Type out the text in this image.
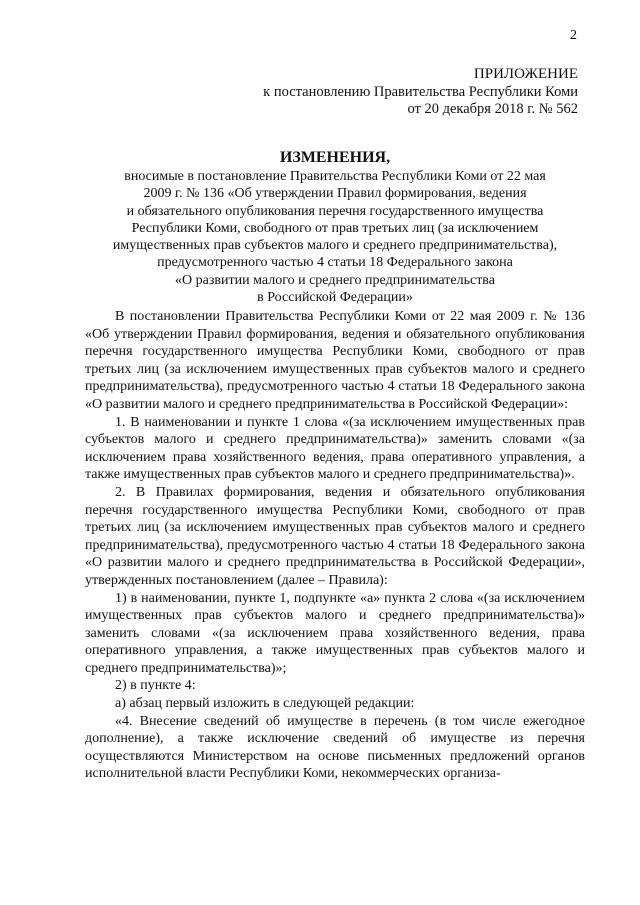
2
ПРИЛОЖЕНИЕ
к постановлению Правительства Республики Коми
от 20 декабря 2018 г. № 562
ИЗМЕНЕНИЯ,
вносимые в постановление Правительства Республики Коми от 22 мая
2009 г. № 136 «Об утверждении Правил формирования, ведения
и обязательного опубликования перечня государственного имущества
Республики Коми, свободного от прав третьих лиц (за исключением
имущественных прав субъектов малого и среднего предпринимательства),
предусмотренного частью 4 статьи 18 Федерального закона
«О развитии малого и среднего предпринимательства
в Российской Федерации»

В постановлении Правительства Республики Коми от 22 мая 2009 г. № 136 «Об утверждении Правил формирования, ведения и обязательного опубликования перечня государственного имущества Республики Коми, свободного от прав третьих лиц (за исключением имущественных прав субъектов малого и среднего предпринимательства), предусмотренного частью 4 статьи 18 Федерального закона «О развитии малого и среднего предпринимательства в Российской Федерации»:

1. В наименовании и пункте 1 слова «(за исключением имущественных прав субъектов малого и среднего предпринимательства)» заменить словами «(за исключением права хозяйственного ведения, права оперативного управления, а также имущественных прав субъектов малого и среднего предпринимательства)».

2. В Правилах формирования, ведения и обязательного опубликования перечня государственного имущества Республики Коми, свободного от прав третьих лиц (за исключением имущественных прав субъектов малого и среднего предпринимательства), предусмотренного частью 4 статьи 18 Федерального закона «О развитии малого и среднего предпринимательства в Российской Федерации», утвержденных постановлением (далее – Правила):

1) в наименовании, пункте 1, подпункте «а» пункта 2 слова «(за исключением имущественных прав субъектов малого и среднего предпринимательства)» заменить словами «(за исключением права хозяйственного ведения, права оперативного управления, а также имущественных прав субъектов малого и среднего предпринимательства)»;

2) в пункте 4:

а) абзац первый изложить в следующей редакции:

«4. Внесение сведений об имуществе в перечень (в том числе ежегодное дополнение), а также исключение сведений об имуществе из перечня осуществляются Министерством на основе письменных предложений органов исполнительной власти Республики Коми, некоммерческих организа-
